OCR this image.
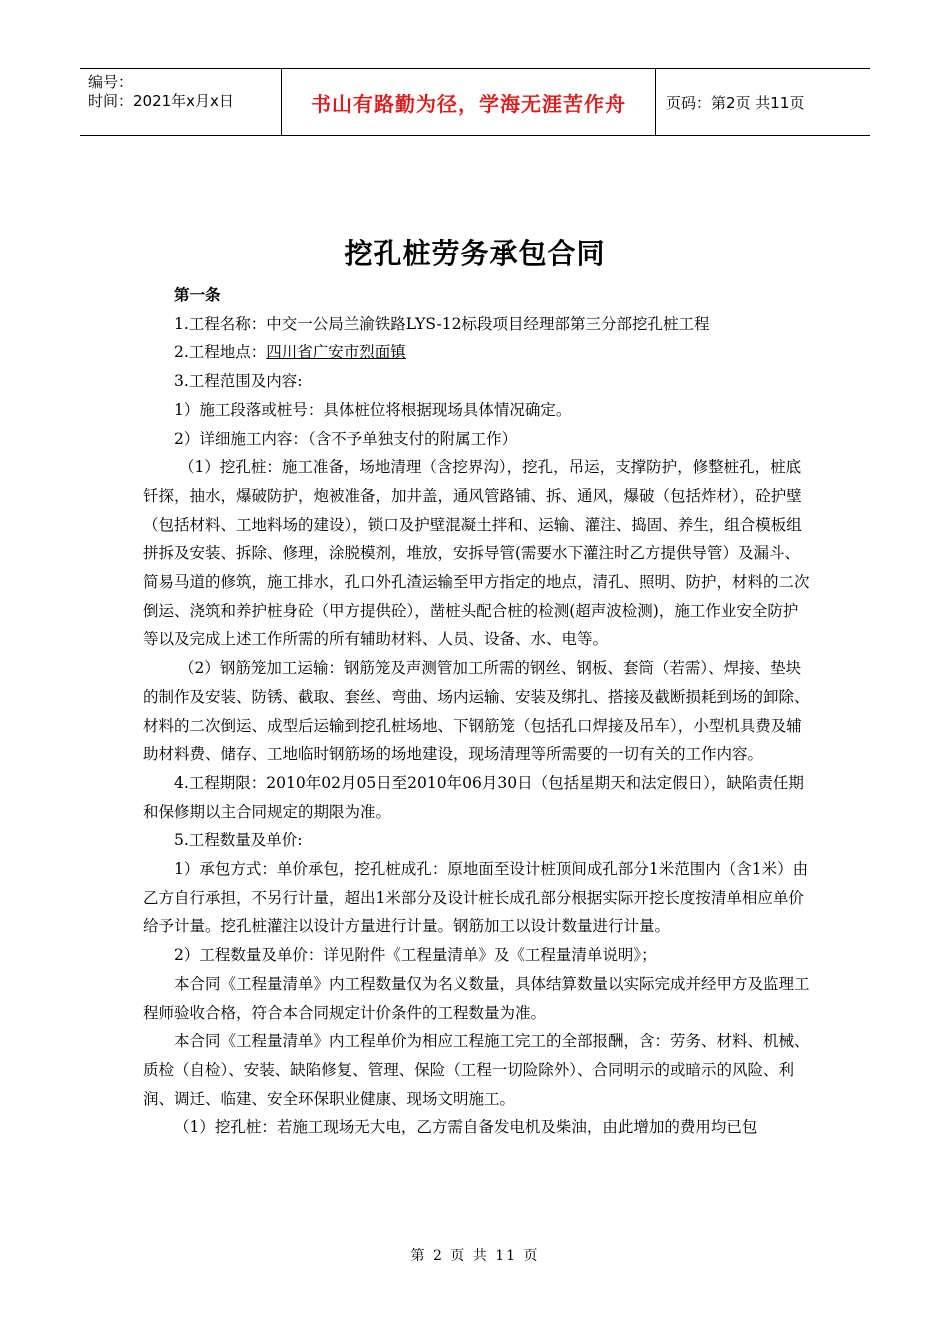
编号：
时间：2021年x月x日	书山有路勤为径，学海无涯苦作舟	页码：第2页 共11页
挖孔桩劳务承包合同

第一条

1.工程名称：中交一公局兰渝铁路LYS-12标段项目经理部第三分部挖孔桩工程

2.工程地点：四川省广安市烈面镇

3.工程范围及内容:

1）施工段落或桩号：具体桩位将根据现场具体情况确定。

2）详细施工内容：（含不予单独支付的附属工作）

（1）挖孔桩：施工准备，场地清理（含挖界沟），挖孔，吊运，支撑防护，修整桩孔，桩底钎探，抽水，爆破防护，炮被准备，加井盖，通风管路铺、拆、通风，爆破（包括炸材），砼护壁（包括材料、工地料场的建设），锁口及护壁混凝土拌和、运输、灌注、捣固、养生，组合模板组拼拆及安装、拆除、修理，涂脱模剂，堆放，安拆导管(需要水下灌注时乙方提供导管）及漏斗、简易马道的修筑，施工排水，孔口外孔渣运输至甲方指定的地点，清孔、照明、防护，材料的二次倒运、浇筑和养护桩身砼（甲方提供砼），凿桩头配合桩的检测(超声波检测)，施工作业安全防护等以及完成上述工作所需的所有辅助材料、人员、设备、水、电等。

（2）钢筋笼加工运输：钢筋笼及声测管加工所需的钢丝、钢板、套筒（若需）、焊接、垫块的制作及安装、防锈、截取、套丝、弯曲、场内运输、安装及绑扎、搭接及截断损耗到场的卸除、材料的二次倒运、成型后运输到挖孔桩场地、下钢筋笼（包括孔口焊接及吊车），小型机具费及辅助材料费、储存、工地临时钢筋场的场地建设，现场清理等所需要的一切有关的工作内容。

4.工程期限：2010年02月05日至2010年06月30日（包括星期天和法定假日），缺陷责任期和保修期以主合同规定的期限为准。

5.工程数量及单价:

1）承包方式：单价承包，挖孔桩成孔：原地面至设计桩顶间成孔部分1米范围内（含1米）由乙方自行承担，不另行计量，超出1米部分及设计桩长成孔部分根据实际开挖长度按清单相应单价给予计量。挖孔桩灌注以设计方量进行计量。钢筋加工以设计数量进行计量。

2）工程数量及单价：详见附件《工程量清单》及《工程量清单说明》；

本合同《工程量清单》内工程数量仅为名义数量，具体结算数量以实际完成并经甲方及监理工程师验收合格，符合本合同规定计价条件的工程数量为准。

本合同《工程量清单》内工程单价为相应工程施工完工的全部报酬，含：劳务、材料、机械、质检（自检）、安装、缺陷修复、管理、保险（工程一切险除外）、合同明示的或暗示的风险、利润、调迁、临建、安全环保职业健康、现场文明施工。

（1）挖孔桩：若施工现场无大电，乙方需自备发电机及柴油，由此增加的费用均已包

第 2 页 共 11 页
